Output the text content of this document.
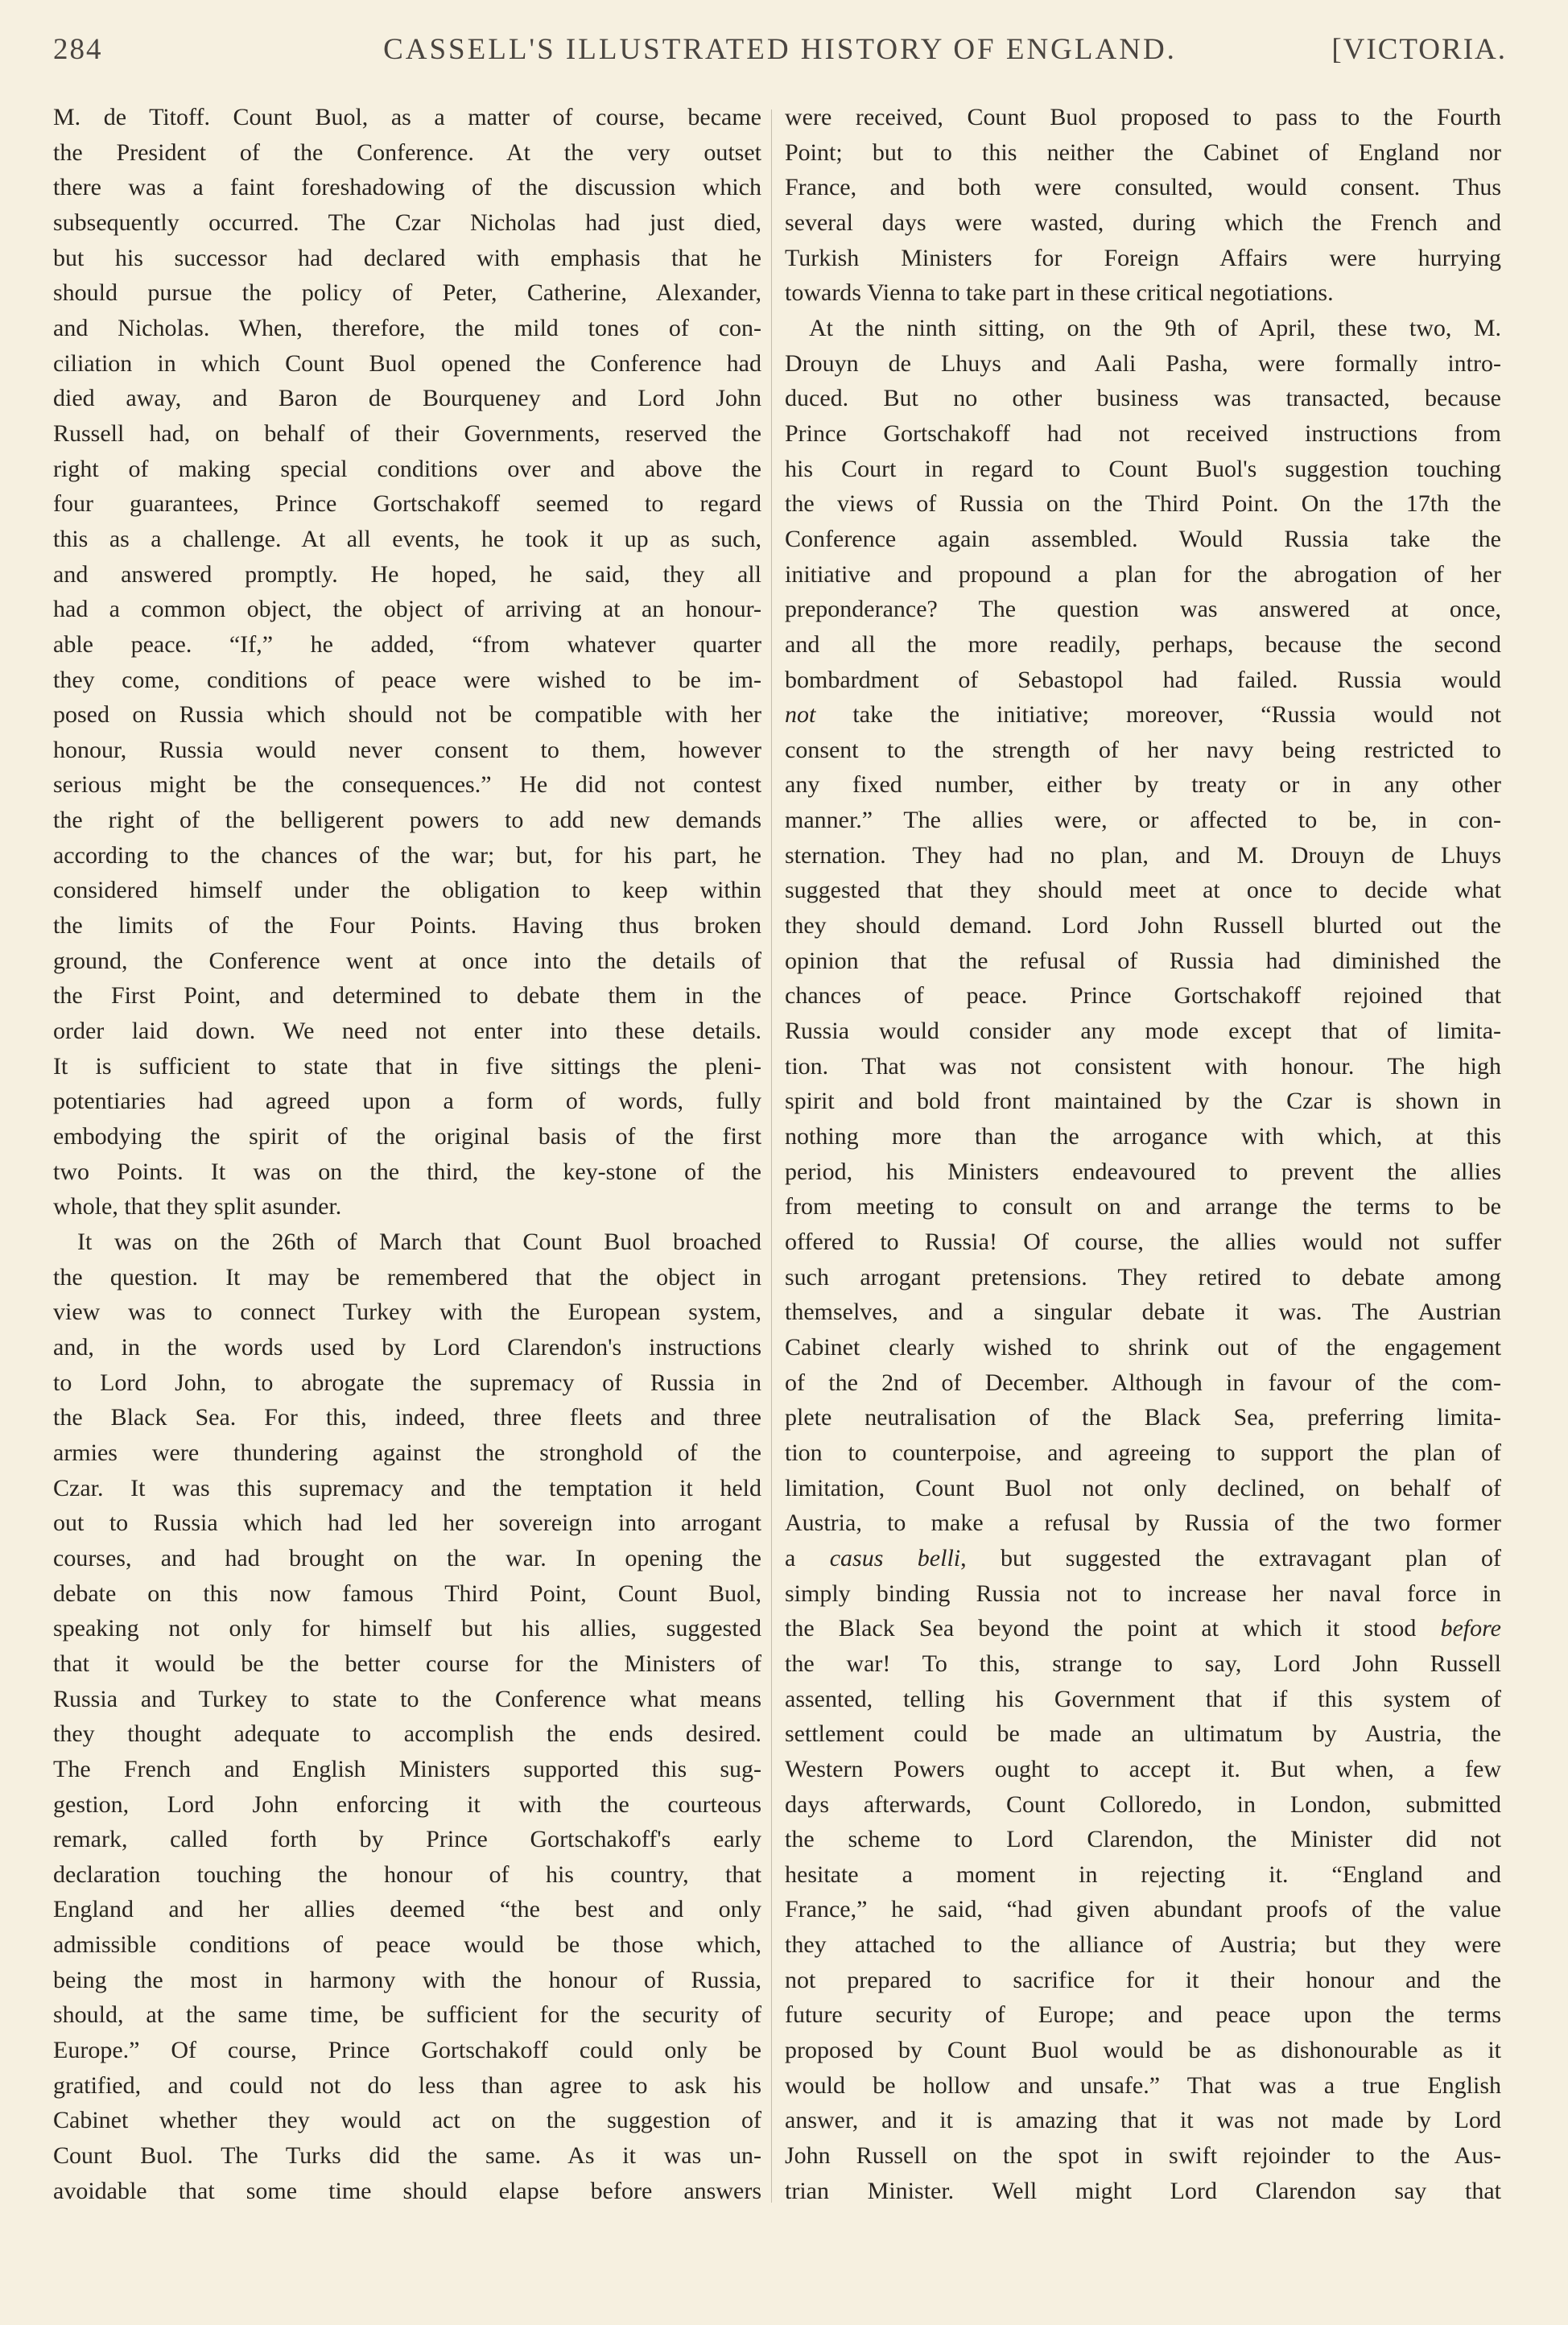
284	CASSELL'S ILLUSTRATED HISTORY OF ENGLAND.	[VICTORIA.
M. de Titoff. Count Buol, as a matter of course, became
the President of the Conference. At the very outset
there was a faint foreshadowing of the discussion which
subsequently occurred. The Czar Nicholas had just died,
but his successor had declared with emphasis that he
should pursue the policy of Peter, Catherine, Alexander,
and Nicholas. When, therefore, the mild tones of con-
ciliation in which Count Buol opened the Conference had
died away, and Baron de Bourqueney and Lord John
Russell had, on behalf of their Governments, reserved the
right of making special conditions over and above the
four guarantees, Prince Gortschakoff seemed to regard
this as a challenge. At all events, he took it up as such,
and answered promptly. He hoped, he said, they all
had a common object, the object of arriving at an honour-
able peace. “If,” he added, “from whatever quarter
they come, conditions of peace were wished to be im-
posed on Russia which should not be compatible with her
honour, Russia would never consent to them, however
serious might be the consequences.” He did not contest
the right of the belligerent powers to add new demands
according to the chances of the war; but, for his part, he
considered himself under the obligation to keep within
the limits of the Four Points. Having thus broken
ground, the Conference went at once into the details of
the First Point, and determined to debate them in the
order laid down. We need not enter into these details.
It is sufficient to state that in five sittings the pleni-
potentiaries had agreed upon a form of words, fully
embodying the spirit of the original basis of the first
two Points. It was on the third, the key-stone of the
whole, that they split asunder.
It was on the 26th of March that Count Buol broached
the question. It may be remembered that the object in
view was to connect Turkey with the European system,
and, in the words used by Lord Clarendon's instructions
to Lord John, to abrogate the supremacy of Russia in
the Black Sea. For this, indeed, three fleets and three
armies were thundering against the stronghold of the
Czar. It was this supremacy and the temptation it held
out to Russia which had led her sovereign into arrogant
courses, and had brought on the war. In opening the
debate on this now famous Third Point, Count Buol,
speaking not only for himself but his allies, suggested
that it would be the better course for the Ministers of
Russia and Turkey to state to the Conference what means
they thought adequate to accomplish the ends desired.
The French and English Ministers supported this sug-
gestion, Lord John enforcing it with the courteous
remark, called forth by Prince Gortschakoff's early
declaration touching the honour of his country, that
England and her allies deemed “the best and only
admissible conditions of peace would be those which,
being the most in harmony with the honour of Russia,
should, at the same time, be sufficient for the security of
Europe.” Of course, Prince Gortschakoff could only be
gratified, and could not do less than agree to ask his
Cabinet whether they would act on the suggestion of
Count Buol. The Turks did the same. As it was un-
avoidable that some time should elapse before answers
were received, Count Buol proposed to pass to the Fourth
Point; but to this neither the Cabinet of England nor
France, and both were consulted, would consent. Thus
several days were wasted, during which the French and
Turkish Ministers for Foreign Affairs were hurrying
towards Vienna to take part in these critical negotiations.
At the ninth sitting, on the 9th of April, these two, M.
Drouyn de Lhuys and Aali Pasha, were formally intro-
duced. But no other business was transacted, because
Prince Gortschakoff had not received instructions from
his Court in regard to Count Buol's suggestion touching
the views of Russia on the Third Point. On the 17th the
Conference again assembled. Would Russia take the
initiative and propound a plan for the abrogation of her
preponderance? The question was answered at once,
and all the more readily, perhaps, because the second
bombardment of Sebastopol had failed. Russia would
not take the initiative; moreover, “Russia would not
consent to the strength of her navy being restricted to
any fixed number, either by treaty or in any other
manner.” The allies were, or affected to be, in con-
sternation. They had no plan, and M. Drouyn de Lhuys
suggested that they should meet at once to decide what
they should demand. Lord John Russell blurted out the
opinion that the refusal of Russia had diminished the
chances of peace. Prince Gortschakoff rejoined that
Russia would consider any mode except that of limita-
tion. That was not consistent with honour. The high
spirit and bold front maintained by the Czar is shown in
nothing more than the arrogance with which, at this
period, his Ministers endeavoured to prevent the allies
from meeting to consult on and arrange the terms to be
offered to Russia! Of course, the allies would not suffer
such arrogant pretensions. They retired to debate among
themselves, and a singular debate it was. The Austrian
Cabinet clearly wished to shrink out of the engagement
of the 2nd of December. Although in favour of the com-
plete neutralisation of the Black Sea, preferring limita-
tion to counterpoise, and agreeing to support the plan of
limitation, Count Buol not only declined, on behalf of
Austria, to make a refusal by Russia of the two former
a casus belli, but suggested the extravagant plan of
simply binding Russia not to increase her naval force in
the Black Sea beyond the point at which it stood before
the war! To this, strange to say, Lord John Russell
assented, telling his Government that if this system of
settlement could be made an ultimatum by Austria, the
Western Powers ought to accept it. But when, a few
days afterwards, Count Colloredo, in London, submitted
the scheme to Lord Clarendon, the Minister did not
hesitate a moment in rejecting it. “England and
France,” he said, “had given abundant proofs of the value
they attached to the alliance of Austria; but they were
not prepared to sacrifice for it their honour and the
future security of Europe; and peace upon the terms
proposed by Count Buol would be as dishonourable as it
would be hollow and unsafe.” That was a true English
answer, and it is amazing that it was not made by Lord
John Russell on the spot in swift rejoinder to the Aus-
trian Minister. Well might Lord Clarendon say that
